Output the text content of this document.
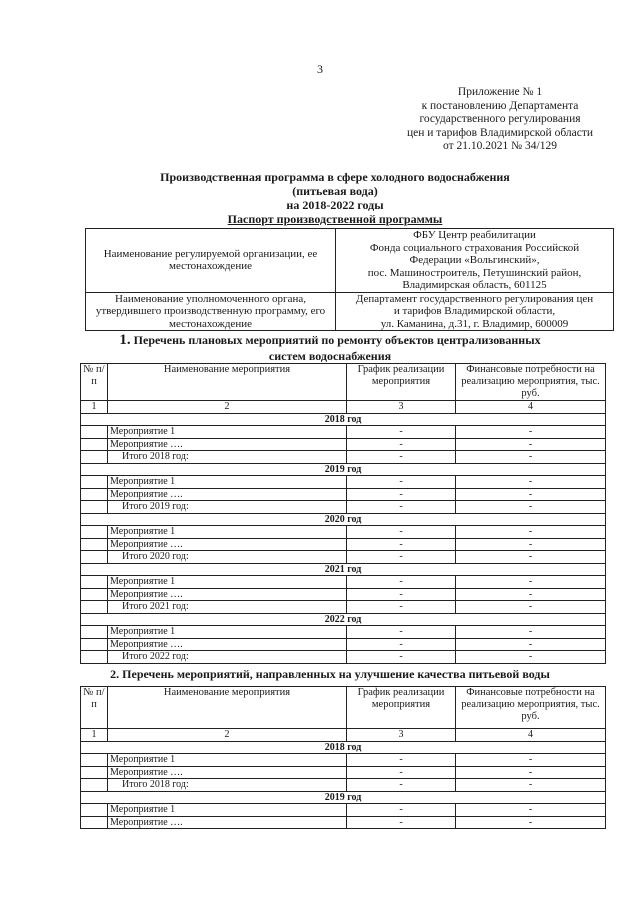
3
Приложение № 1
к постановлению Департамента
государственного регулирования
цен и тарифов Владимирской области
от 21.10.2021 № 34/129
Производственная программа в сфере холодного водоснабжения
(питьевая вода)
на 2018-2022 годы
Паспорт производственной программы
Наименование регулируемой организации, ее местонахождение	ФБУ Центр реабилитации
Фонда социального страхования Российской
Федерации «Вольгинский»,
пос. Машиностроитель, Петушинский район,
Владимирская область, 601125

Наименование уполномоченного органа, утвердившего производственную программу, его местонахождение	Департамент государственного регулирования цен
и тарифов Владимирской области,
ул. Каманина, д.31, г. Владимир, 600009
1. Перечень плановых мероприятий по ремонту объектов централизованных
систем водоснабжения
№ п/п	Наименование мероприятия	График реализации мероприятия	Финансовые потребности на реализацию мероприятия, тыс. руб.
1	2	3	4
2018 год			
	Мероприятие 1	-	-
	Мероприятие ….	-	-
	Итого 2018 год:	-	-
2019 год			
	Мероприятие 1	-	-
	Мероприятие ….	-	-
	Итого 2019 год:	-	-
2020 год			
	Мероприятие 1	-	-
	Мероприятие ….	-	-
	Итого 2020 год:	-	-
2021 год			
	Мероприятие 1	-	-
	Мероприятие ….	-	-
	Итого 2021 год:	-	-
2022 год			
	Мероприятие 1	-	-
	Мероприятие ….	-	-
	Итого 2022 год:	-	-
2. Перечень мероприятий, направленных на улучшение качества питьевой воды
№ п/п	Наименование мероприятия	График реализации мероприятия	Финансовые потребности на реализацию мероприятия, тыс. руб.
1	2	3	4
2018 год			
	Мероприятие 1	-	-
	Мероприятие ….	-	-
	Итого 2018 год:	-	-
2019 год			
	Мероприятие 1	-	-
	Мероприятие ….	-	-
